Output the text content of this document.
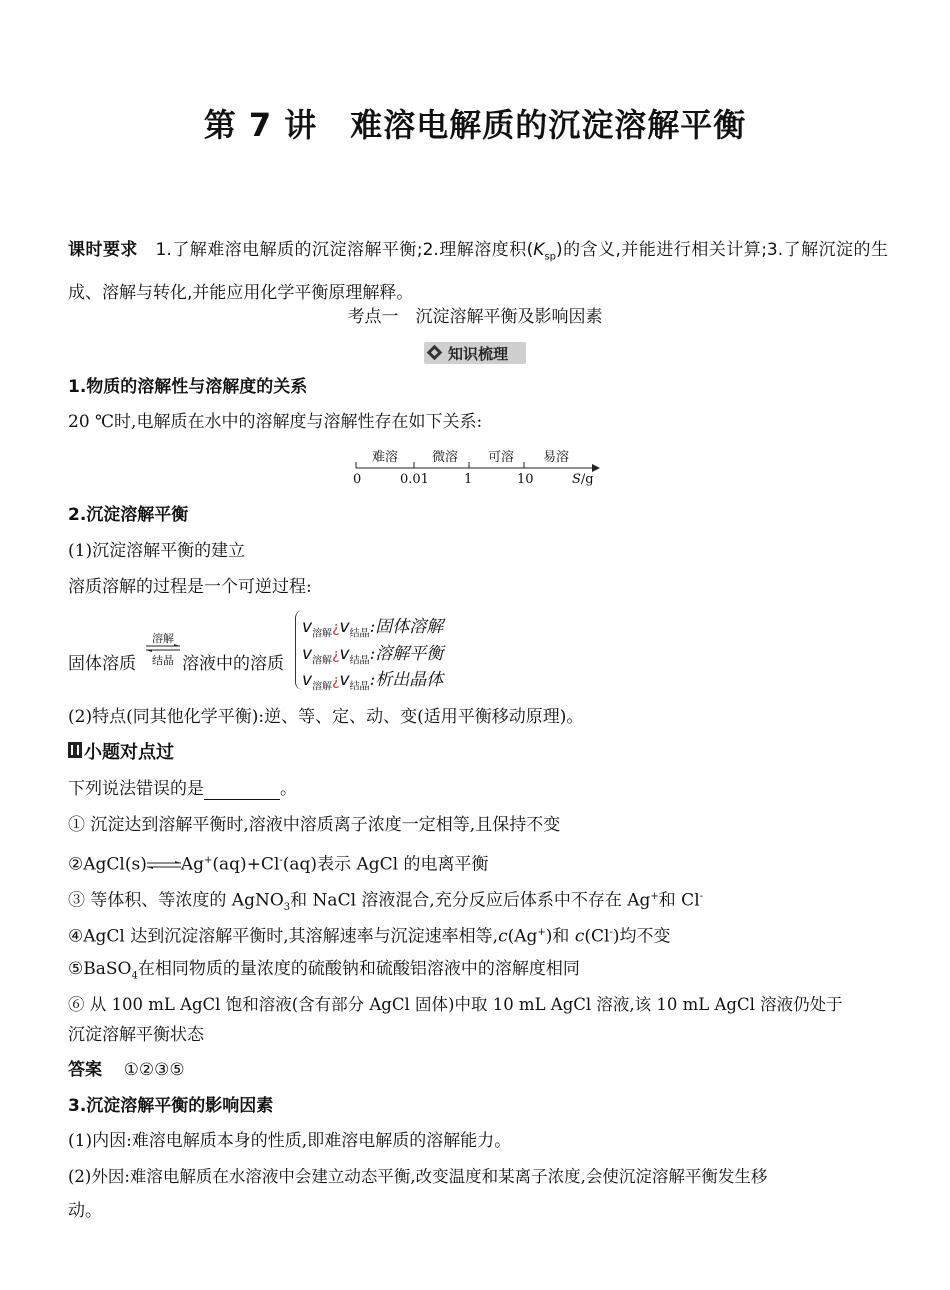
第 7 讲　难溶电解质的沉淀溶解平衡
课时要求 1.了解难溶电解质的沉淀溶解平衡;2.理解溶度积$(K_{sp})$的含义,并能进行相关计算;3.了解沉淀的生成、溶解与转化,并能应用化学平衡原理解释。
考点一　沉淀溶解平衡及影响因素
知识梳理
1.物质的溶解性与溶解度的关系
20 ℃时,电解质在水中的溶解度与溶解性存在如下关系:
难溶	微溶 可溶 易溶
0	0.01	1	10	S/g
2.沉淀溶解平衡
(1)沉淀溶解平衡的建立
溶质溶解的过程是一个可逆过程:
固体溶质
溶解
结晶 溶液中的溶质
$v_{溶解}¿v_{结晶}$:固体溶解
$v_{溶解}¿v_{结晶}$:溶解平衡
$v_{溶解}¿v_{结晶}$:析出晶体
(2)特点(同其他化学平衡):逆、等、定、动、变(适用平衡移动原理)。
小题对点过
下列说法错误的是	。
① 沉淀达到溶解平衡时,溶液中溶质离子浓度一定相等,且保持不变
②AgCl(s)⇌Ag+(aq)+Cl-(aq)表示 AgCl 的电离平衡
③ 等体积、等浓度的 AgNO$_3$和 NaCl 溶液混合,充分反应后体系中不存在 Ag+和 Cl-
④AgCl 达到沉淀溶解平衡时,其溶解速率与沉淀速率相等,c(Ag+)和 c(Cl-)均不变
⑤BaSO$_4$在相同物质的量浓度的硫酸钠和硫酸铝溶液中的溶解度相同
⑥ 从 100 mL AgCl 饱和溶液(含有部分 AgCl 固体)中取 10 mL AgCl 溶液,该 10 mL AgCl 溶液仍处于
沉淀溶解平衡状态
答案 ①②③⑤
3.沉淀溶解平衡的影响因素
(1)内因:难溶电解质本身的性质,即难溶电解质的溶解能力。
(2)外因:难溶电解质在水溶液中会建立动态平衡,改变温度和某离子浓度,会使沉淀溶解平衡发生移
动。
